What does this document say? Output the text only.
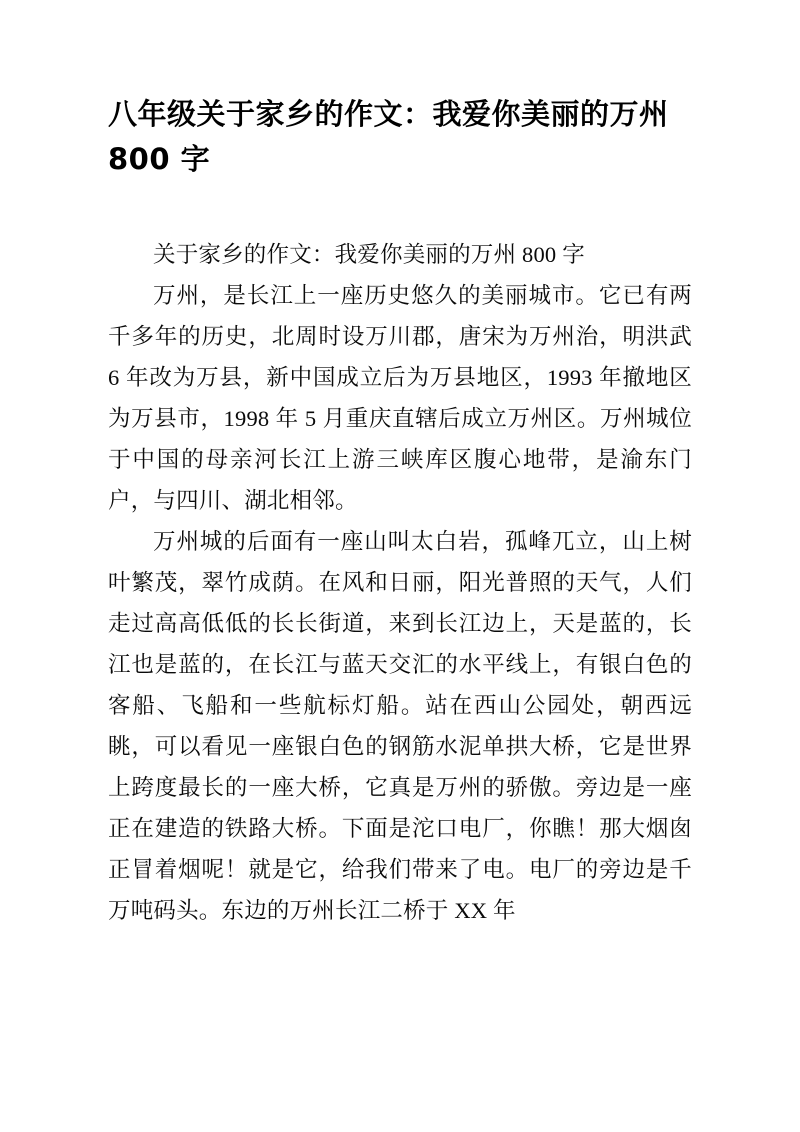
八年级关于家乡的作文：我爱你美丽的万州 800 字

关于家乡的作文：我爱你美丽的万州 800 字

万州，是长江上一座历史悠久的美丽城市。它已有两千多年的历史，北周时设万川郡，唐宋为万州治，明洪武 6 年改为万县，新中国成立后为万县地区，1993 年撤地区为万县市，1998 年 5 月重庆直辖后成立万州区。万州城位于中国的母亲河长江上游三峡库区腹心地带，是渝东门户，与四川、湖北相邻。

万州城的后面有一座山叫太白岩，孤峰兀立，山上树叶繁茂，翠竹成荫。在风和日丽，阳光普照的天气，人们走过高高低低的长长街道，来到长江边上，天是蓝的，长江也是蓝的，在长江与蓝天交汇的水平线上，有银白色的客船、飞船和一些航标灯船。站在西山公园处，朝西远眺，可以看见一座银白色的钢筋水泥单拱大桥，它是世界上跨度最长的一座大桥，它真是万州的骄傲。旁边是一座正在建造的铁路大桥。下面是沱口电厂，你瞧！那大烟囱正冒着烟呢！就是它，给我们带来了电。电厂的旁边是千万吨码头。东边的万州长江二桥于 XX 年
